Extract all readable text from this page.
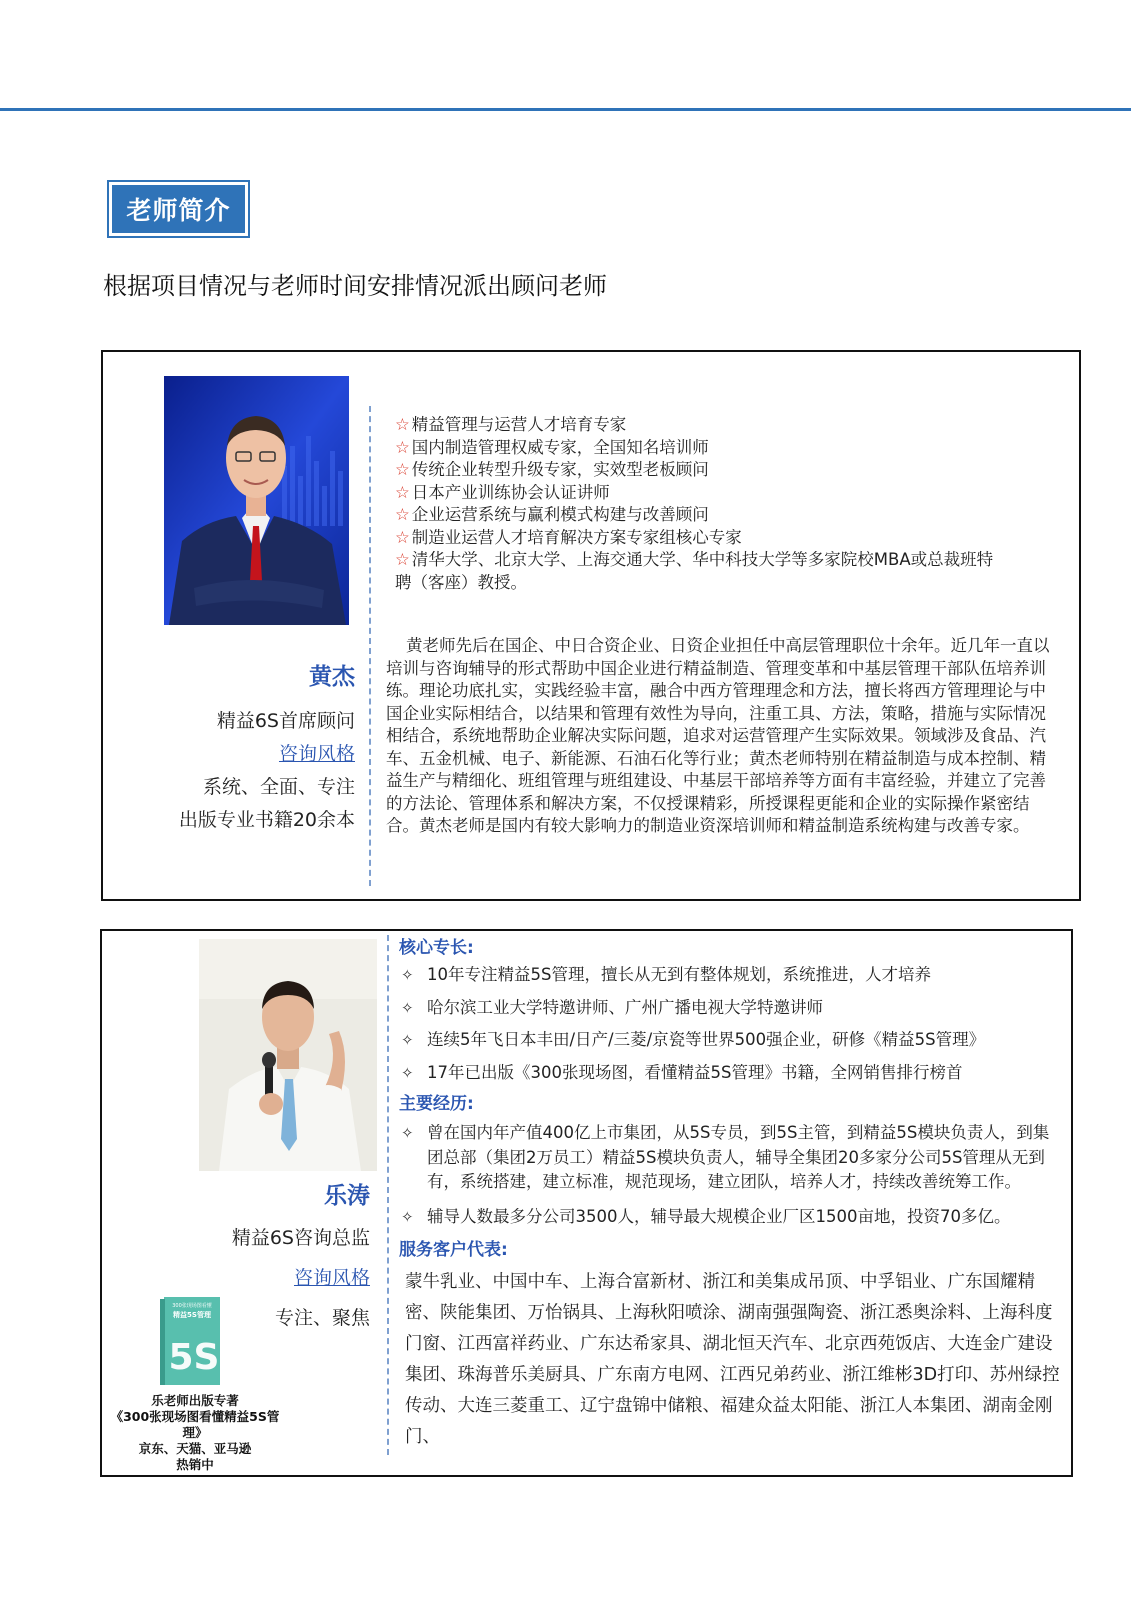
老师简介
根据项目情况与老师时间安排情况派出顾问老师
黄杰
精益6S首席顾问
咨询风格
系统、全面、专注
出版专业书籍20余本
☆ 精益管理与运营人才培育专家
☆ 国内制造管理权威专家，全国知名培训师
☆ 传统企业转型升级专家，实效型老板顾问
☆ 日本产业训练协会认证讲师
☆ 企业运营系统与赢利模式构建与改善顾问
☆ 制造业运营人才培育解决方案专家组核心专家
☆ 清华大学、北京大学、上海交通大学、华中科技大学等多家院校MBA或总裁班特
聘（客座）教授。
黄老师先后在国企、中日合资企业、日资企业担任中高层管理职位十余年。近几年一直以培训与咨询辅导的形式帮助中国企业进行精益制造、管理变革和中基层管理干部队伍培养训练。理论功底扎实，实践经验丰富，融合中西方管理理念和方法，擅长将西方管理理论与中国企业实际相结合，以结果和管理有效性为导向，注重工具、方法，策略，措施与实际情况相结合，系统地帮助企业解决实际问题，追求对运营管理产生实际效果。领域涉及食品、汽车、五金机械、电子、新能源、石油石化等行业；黄杰老师特别在精益制造与成本控制、精益生产与精细化、班组管理与班组建设、中基层干部培养等方面有丰富经验，并建立了完善的方法论、管理体系和解决方案，不仅授课精彩，所授课程更能和企业的实际操作紧密结合。黄杰老师是国内有较大影响力的制造业资深培训师和精益制造系统构建与改善专家。
乐涛
精益6S咨询总监
咨询风格
专注、聚焦
300张现场图看懂
精益5S管理
5S
乐老师出版专著
《300张现场图看懂精益5S管理》
京东、天猫、亚马逊
热销中
核心专长:
✧ 10年专注精益5S管理，擅长从无到有整体规划，系统推进，人才培养
✧ 哈尔滨工业大学特邀讲师、广州广播电视大学特邀讲师
✧ 连续5年飞日本丰田/日产/三菱/京瓷等世界500强企业，研修《精益5S管理》
✧ 17年已出版《300张现场图，看懂精益5S管理》书籍，全网销售排行榜首
主要经历:
✧ 曾在国内年产值400亿上市集团，从5S专员，到5S主管，到精益5S模块负责人，到集团总部（集团2万员工）精益5S模块负责人，辅导全集团20多家分公司5S管理从无到有，系统搭建，建立标准，规范现场，建立团队，培养人才，持续改善统筹工作。
✧ 辅导人数最多分公司3500人，辅导最大规模企业厂区1500亩地，投资70多亿。
服务客户代表:
蒙牛乳业、中国中车、上海合富新材、浙江和美集成吊顶、中孚铝业、广东国耀精密、陕能集团、万怡锅具、上海秋阳喷涂、湖南强强陶瓷、浙江悉奥涂料、上海科度门窗、江西富祥药业、广东达希家具、湖北恒天汽车、北京西苑饭店、大连金广建设集团、珠海普乐美厨具、广东南方电网、江西兄弟药业、浙江维彬3D打印、苏州绿控传动、大连三菱重工、辽宁盘锦中储粮、福建众益太阳能、浙江人本集团、湖南金刚门、
